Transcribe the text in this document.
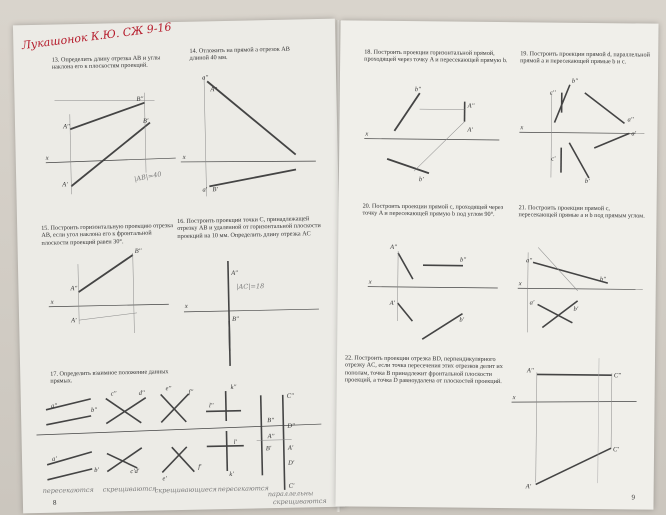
Лукашонок К.Ю. СЖ 9-16
13. Определить длину отрезка AB и углы наклона его к плоскостям проекций.
14. Отложить на прямой a отрезок AB длиной 40 мм.
15. Построить горизонтальную проекцию отрезка AB, если угол наклона его к фронтальной плоскости проекций равен 30°.
16. Построить проекции точки C, принадлежащей отрезку AB и удаленной от горизонтальной плоскости проекций на 10 мм. Определить длину отрезка AC
17. Определить взаимное положение данных прямых.
B''
A''
B'
A'
x
a''
A''
a' B'
x
B''
A''
x
A'
x
A''
B''
a''
b''
a'
b'
c''	d''
c'd'
e''	f''
f'
e'
l''
k''
l'
k'
C''
D''
B''
A''
B'	A'
D'
C'
|AB|=40
|AC|=18
пересекаются скрещиваются
скрещивающиеся пересекаются
параллельны
скрещиваются
8
18. Построить проекции горизонтальной прямой, проходящей через точку A и пересекающей прямую b.
19. Построить проекции прямой d, параллельной прямой a и пересекающей прямые b и c.
20. Построить проекции прямой c, проходящей через точку A и пересекающей прямую b под углом 90°.
21. Построить проекции прямой c, пересекающей прямые a и b под прямым углом.
22. Построить проекции отрезка BD, перпендикулярного отрезку AC, если точка пересечения этих отрезков делит их пополам, точка B принадлежит фронтальной плоскости проекций, а точка D равноудалена от плоскостей проекций.
b''
A''
x
A'
b'
c''
b''
a''
x
c'
a'
b'
A''
b''
x
A'
b'
a''
b''
x
a'
b'
A''
C''
x
C'
A'
9
